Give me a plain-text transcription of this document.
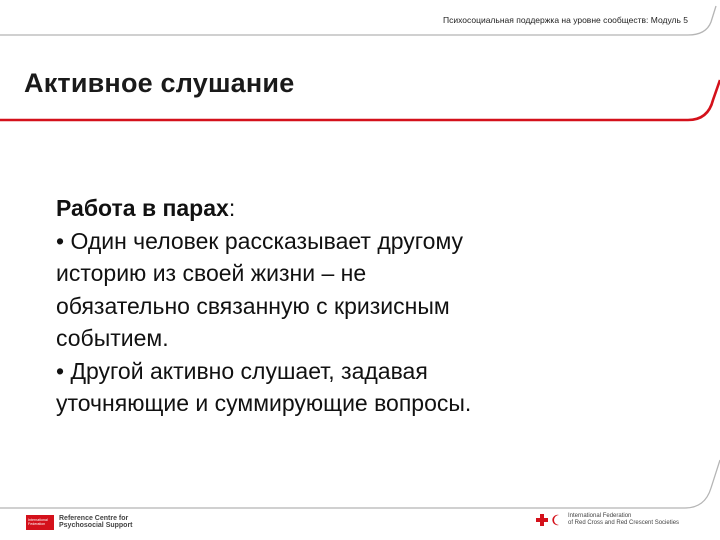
Психосоциальная поддержка на уровне сообществ: Модуль 5
Активное слушание
Работа в парах:
• Один человек рассказывает другому
историю из своей жизни – не
обязательно связанную с кризисным
событием.
• Другой активно слушает, задавая
уточняющие и суммирующие вопросы.
International
Federation
Reference Centre for
Psychosocial Support
International Federation
of Red Cross and Red Crescent Societies
